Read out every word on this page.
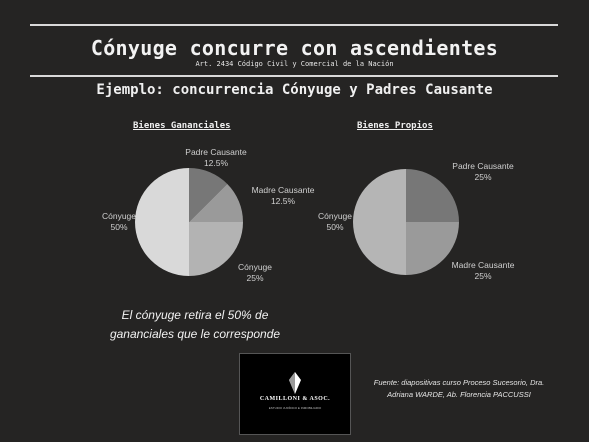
Cónyuge concurre con ascendientes
Art. 2434 Código Civil y Comercial de la Nación
Ejemplo: concurrencia Cónyuge y Padres Causante
Bienes Gananciales	Bienes Propios
Padre Causante
12.5%
Madre Causante
12.5%
Cónyuge
25%
Cónyuge
50%
Padre Causante
25%
Madre Causante
25%
Cónyuge
50%
El cónyuge retira el 50% de gananciales que le corresponde
CAMILLONI & ASOC.
ESTUDIO JURÍDICO E INMOBILIARIO
Fuente: diapositivas curso Proceso Sucesorio, Dra. Adriana WARDE, Ab. Florencia PACCUSSI
